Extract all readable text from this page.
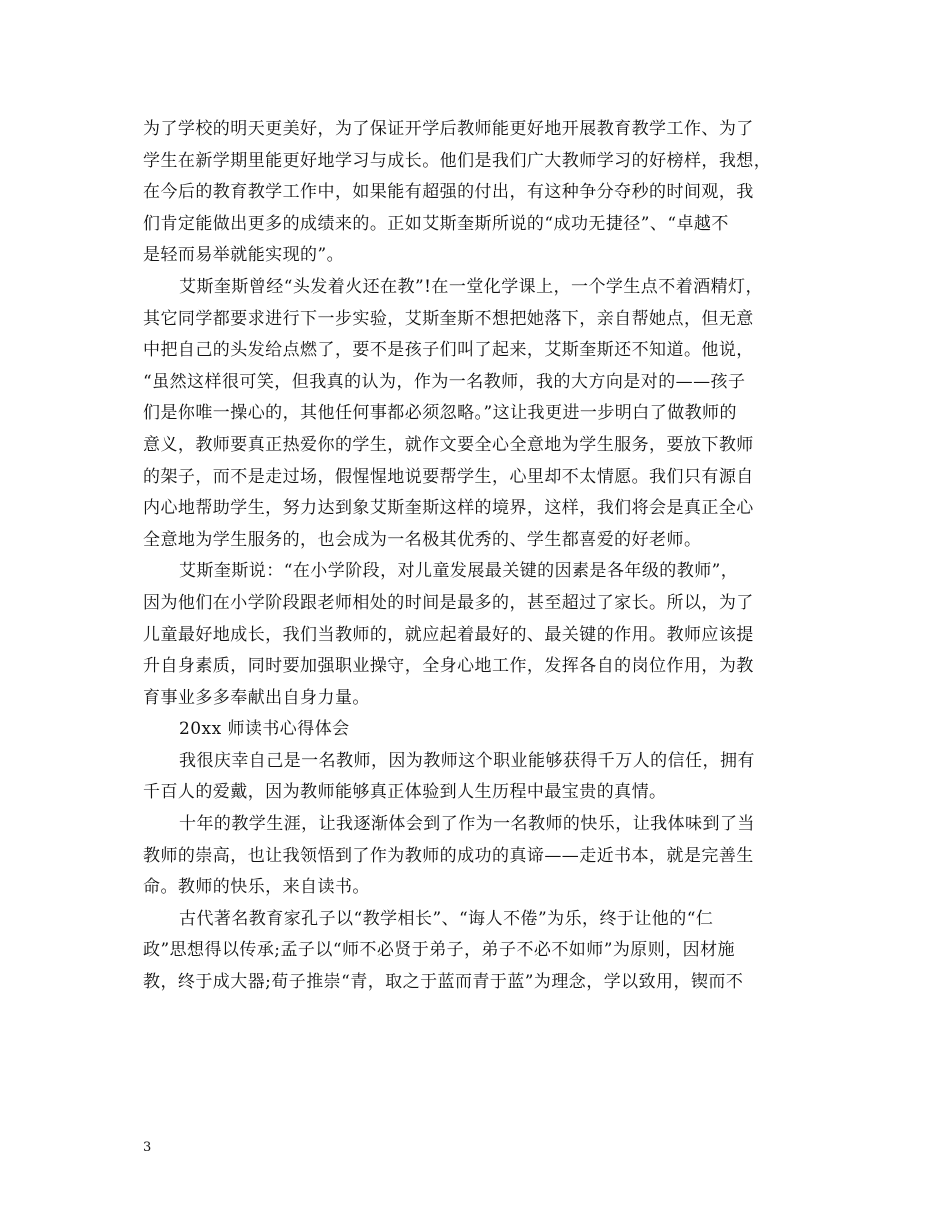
为了学校的明天更美好，为了保证开学后教师能更好地开展教育教学工作、为了
学生在新学期里能更好地学习与成长。他们是我们广大教师学习的好榜样，我想，
在今后的教育教学工作中，如果能有超强的付出，有这种争分夺秒的时间观，我
们肯定能做出更多的成绩来的。正如艾斯奎斯所说的“成功无捷径”、“卓越不
是轻而易举就能实现的”。
艾斯奎斯曾经“头发着火还在教”!在一堂化学课上，一个学生点不着酒精灯，
其它同学都要求进行下一步实验，艾斯奎斯不想把她落下，亲自帮她点，但无意
中把自己的头发给点燃了，要不是孩子们叫了起来，艾斯奎斯还不知道。他说，
“虽然这样很可笑，但我真的认为，作为一名教师，我的大方向是对的——孩子
们是你唯一操心的，其他任何事都必须忽略。”这让我更进一步明白了做教师的
意义，教师要真正热爱你的学生，就作文要全心全意地为学生服务，要放下教师
的架子，而不是走过场，假惺惺地说要帮学生，心里却不太情愿。我们只有源自
内心地帮助学生，努力达到象艾斯奎斯这样的境界，这样，我们将会是真正全心
全意地为学生服务的，也会成为一名极其优秀的、学生都喜爱的好老师。
艾斯奎斯说：“在小学阶段，对儿童发展最关键的因素是各年级的教师”，
因为他们在小学阶段跟老师相处的时间是最多的，甚至超过了家长。所以，为了
儿童最好地成长，我们当教师的，就应起着最好的、最关键的作用。教师应该提
升自身素质，同时要加强职业操守，全身心地工作，发挥各自的岗位作用，为教
育事业多多奉献出自身力量。
20xx 师读书心得体会
我很庆幸自己是一名教师，因为教师这个职业能够获得千万人的信任，拥有
千百人的爱戴，因为教师能够真正体验到人生历程中最宝贵的真情。
十年的教学生涯，让我逐渐体会到了作为一名教师的快乐，让我体味到了当
教师的崇高，也让我领悟到了作为教师的成功的真谛——走近书本，就是完善生
命。教师的快乐，来自读书。
古代著名教育家孔子以“教学相长”、“诲人不倦”为乐，终于让他的“仁
政”思想得以传承;孟子以“师不必贤于弟子，弟子不必不如师”为原则，因材施
教，终于成大器;荀子推崇“青，取之于蓝而青于蓝”为理念，学以致用，锲而不
3
